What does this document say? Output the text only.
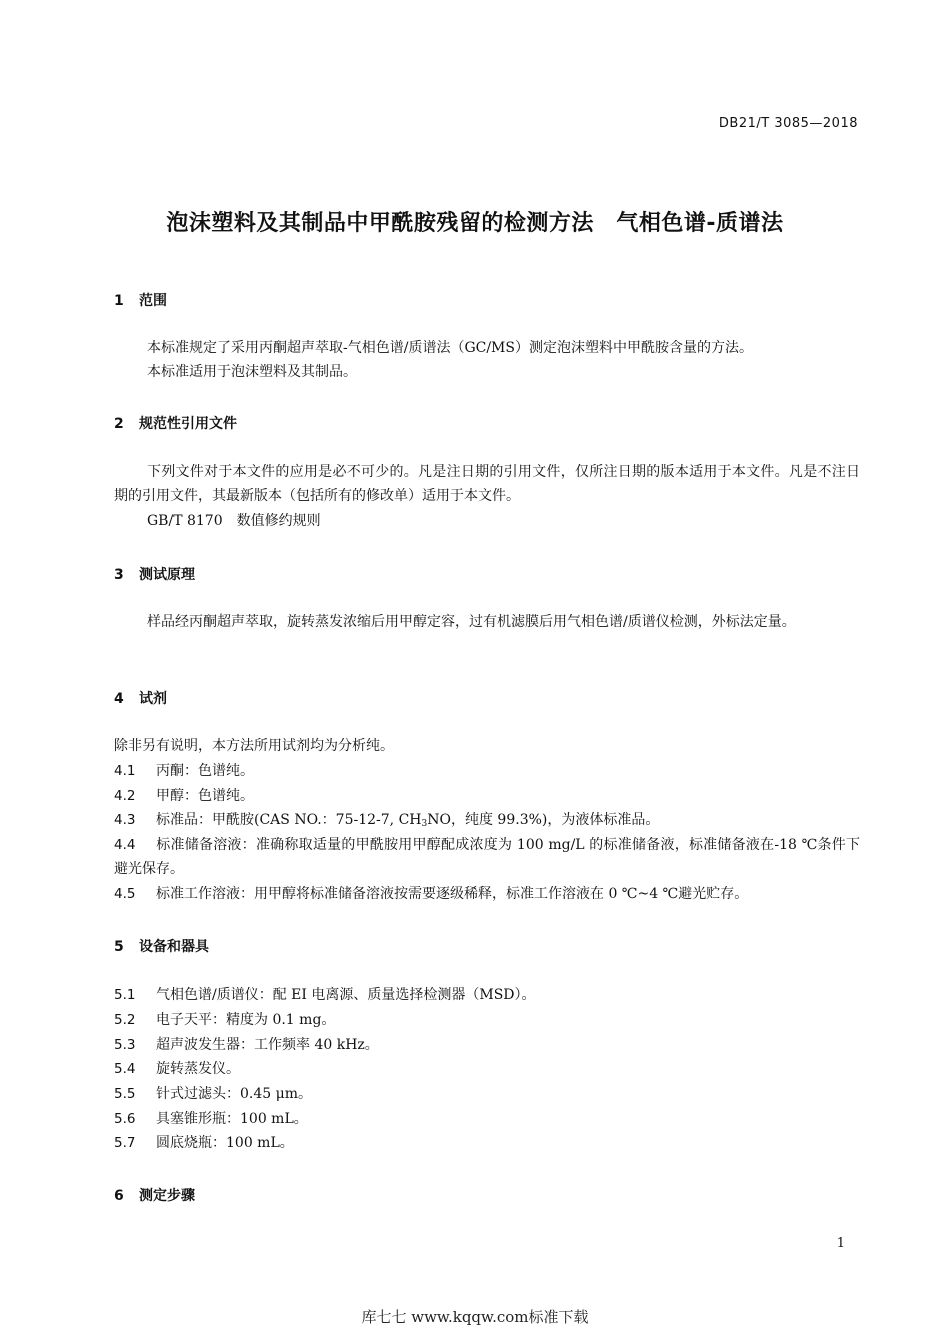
DB21/T 3085—2018
泡沫塑料及其制品中甲酰胺残留的检测方法　气相色谱-质谱法
1 范围
本标准规定了采用丙酮超声萃取-气相色谱/质谱法（GC/MS）测定泡沫塑料中甲酰胺含量的方法。
本标准适用于泡沫塑料及其制品。
2 规范性引用文件

下列文件对于本文件的应用是必不可少的。凡是注日期的引用文件，仅所注日期的版本适用于本文件。凡是不注日期的引用文件，其最新版本（包括所有的修改单）适用于本文件。

GB/T 8170　数值修约规则
3 测试原理

样品经丙酮超声萃取，旋转蒸发浓缩后用甲醇定容，过有机滤膜后用气相色谱/质谱仪检测，外标法定量。

4 试剂
除非另有说明，本方法所用试剂均为分析纯。

4.1 丙酮：色谱纯。

4.2 甲醇：色谱纯。

4.3 标准品：甲酰胺(CAS NO.：75-12-7, $CH_3NO$，纯度 99.3%)，为液体标准品。

4.4 标准储备溶液：准确称取适量的甲酰胺用甲醇配成浓度为 100 mg/L 的标准储备液，标准储备液在-18 ℃条件下避光保存。

4.5 标准工作溶液：用甲醇将标准储备溶液按需要逐级稀释，标准工作溶液在 0 ℃~4 ℃避光贮存。

5 设备和器具

5.1 气相色谱/质谱仪：配 EI 电离源、质量选择检测器（MSD）。

5.2 电子天平：精度为 0.1 mg。

5.3 超声波发生器：工作频率 40 kHz。

5.4 旋转蒸发仪。

5.5 针式过滤头：0.45 μm。

5.6 具塞锥形瓶：100 mL。

5.7 圆底烧瓶：100 mL。

6 测定步骤
1
库七七 www.kqqw.com标准下载
